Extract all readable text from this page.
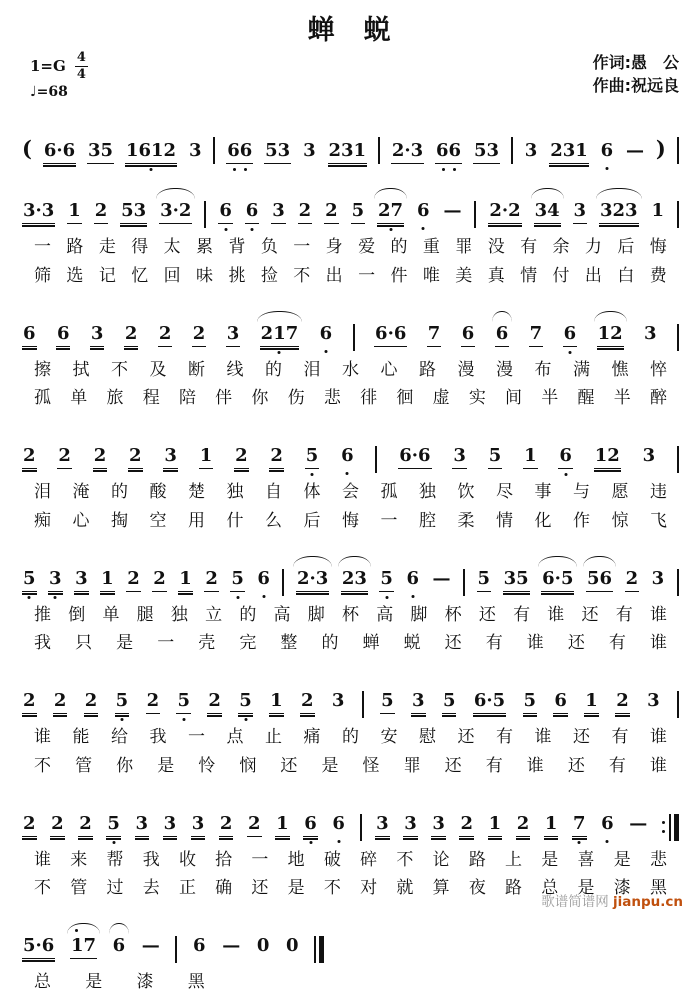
蝉　蜕
$1=G \frac{4}{4}$
♩=68
作词:愚　公
作曲:祝远良
( 6·6 35 1612 3 66 53 3 231 2·3 66 53 3 231 6 — )
3·3 1 2 53 3·2 6 6 3 2 2 5 27 6 — 2·2 34 3 323 1
一 路 走 得 太 累 背 负 一 身 爱 的 重 罪 没 有 余 力 后 悔
筛 选 记 忆 回 味 挑 捡 不 出 一 件 唯 美 真 情 付 出 白 费
6 6 3 2 2 2 3 217 6 6·6 7 6 6 7 6 12 3
擦 拭 不 及 断 线 的 泪 水 心 路 漫 漫 布 满 憔 悴
孤 单 旅 程 陪 伴 你 伤 悲 徘 徊 虚 实 间 半 醒 半 醉
2 2 2 2 3 1 2 2 5 6	6·6 3 5 1 6 12 3
泪 淹 的 酸 楚 独 自 体 会 孤 独 饮 尽 事 与 愿 违
痴 心 掏 空 用 什 么 后 悔 一 腔 柔 情 化 作 惊 飞
5 3 3 1 2 2 1 2 5 6 2·3 23 5 6 — 5 35 6·5 56 2 3
推 倒 单 腿 独 立 的 高 脚 杯 高 脚 杯 还 有 谁 还 有 谁
我 只 是 一 壳 完 整 的 蝉 蜕 还 有 谁 还 有 谁
2 2 2 5 2 5 2 5 1 2 3 5 3 5 6·5 5 6 1 2 3
谁 能 给 我 一 点 止 痛 的 安 慰 还 有 谁 还 有 谁
不 管 你 是 怜 悯 还 是 怪 罪 还 有 谁 还 有 谁
2 2 2 5 3 3 3 2 2 1 6 6 3 3 3 2 1 2 1 7 6 —
谁 来 帮 我 收 拾 一 地 破 碎 不 论 路 上 是 喜 是 悲
不 管 过 去 正 确 还 是 不 对 就 算 夜 路 总 是 漆 黑
5·6 17 6 — 6 — 0 0
总 是 漆 黑
歌谱简谱网 jianpu.cn
